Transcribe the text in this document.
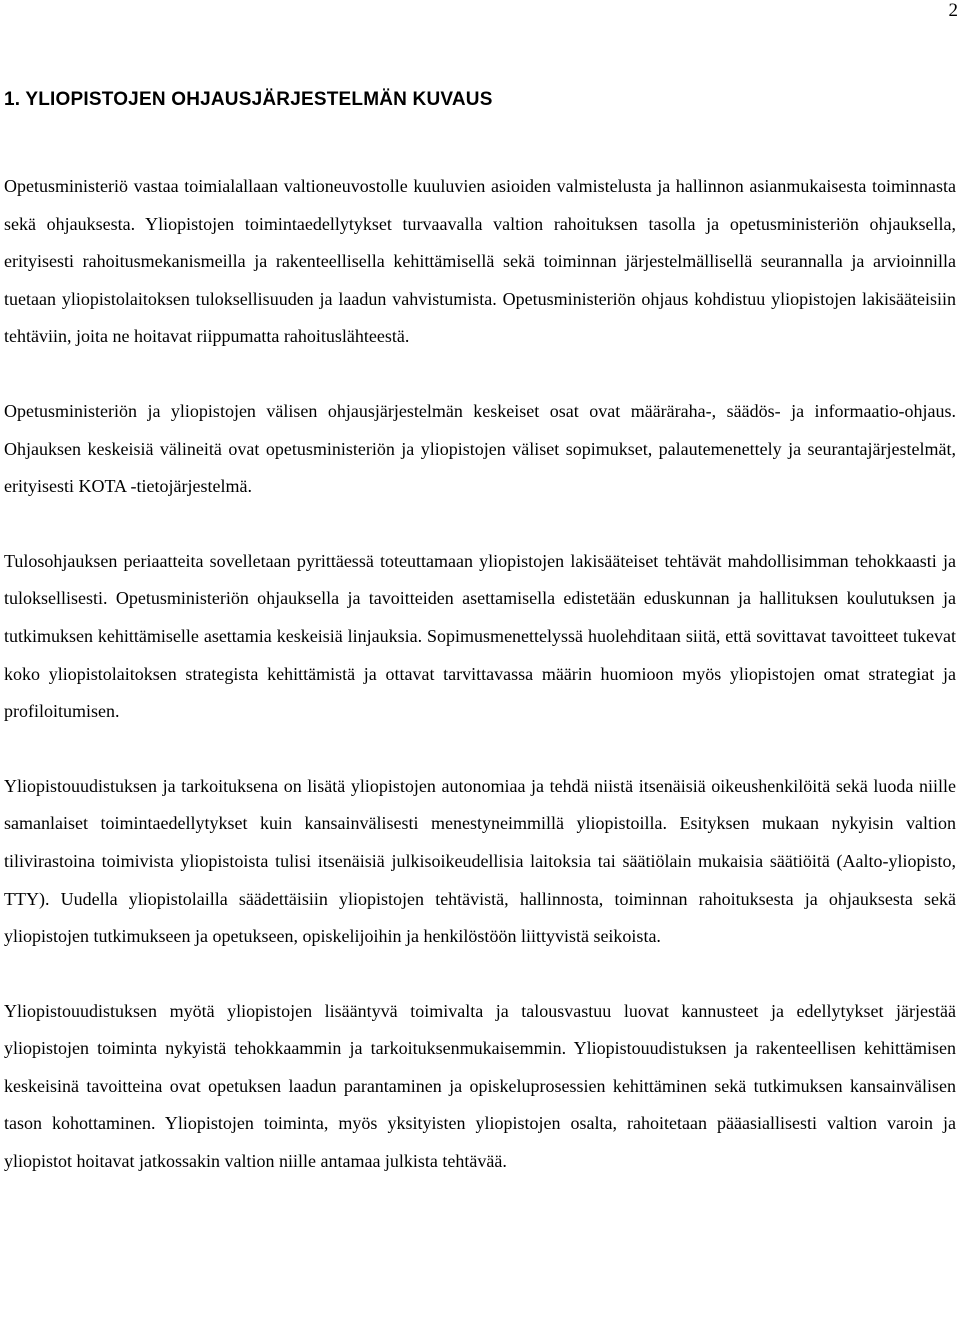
2
1. YLIOPISTOJEN OHJAUSJÄRJESTELMÄN KUVAUS

Opetusministeriö vastaa toimialallaan valtioneuvostolle kuuluvien asioiden valmistelusta ja hallinnon asianmukaisesta toiminnasta sekä ohjauksesta. Yliopistojen toimintaedellytykset turvaavalla valtion rahoituksen tasolla ja opetusministeriön ohjauksella, erityisesti rahoitusmekanismeilla ja rakenteellisella kehittämisellä sekä toiminnan järjestelmällisellä seurannalla ja arvioinnilla tuetaan yliopistolaitoksen tuloksellisuuden ja laadun vahvistumista. Opetusministeriön ohjaus kohdistuu yliopistojen lakisääteisiin tehtäviin, joita ne hoitavat riippumatta rahoituslähteestä.

Opetusministeriön ja yliopistojen välisen ohjausjärjestelmän keskeiset osat ovat määräraha-, säädös- ja informaatio-ohjaus. Ohjauksen keskeisiä välineitä ovat opetusministeriön ja yliopistojen väliset sopimukset, palautemenettely ja seurantajärjestelmät, erityisesti KOTA -tietojärjestelmä.

Tulosohjauksen periaatteita sovelletaan pyrittäessä toteuttamaan yliopistojen lakisääteiset tehtävät mahdollisimman tehokkaasti ja tuloksellisesti. Opetusministeriön ohjauksella ja tavoitteiden asettamisella edistetään eduskunnan ja hallituksen koulutuksen ja tutkimuksen kehittämiselle asettamia keskeisiä linjauksia. Sopimusmenettelyssä huolehditaan siitä, että sovittavat tavoitteet tukevat koko yliopistolaitoksen strategista kehittämistä ja ottavat tarvittavassa määrin huomioon myös yliopistojen omat strategiat ja profiloitumisen.

Yliopistouudistuksen ja tarkoituksena on lisätä yliopistojen autonomiaa ja tehdä niistä itsenäisiä oikeushenkilöitä sekä luoda niille samanlaiset toimintaedellytykset kuin kansainvälisesti menestyneimmillä yliopistoilla. Esityksen mukaan nykyisin valtion tilivirastoina toimivista yliopistoista tulisi itsenäisiä julkisoikeudellisia laitoksia tai säätiölain mukaisia säätiöitä (Aalto-yliopisto, TTY). Uudella yliopistolailla säädettäisiin yliopistojen tehtävistä, hallinnosta, toiminnan rahoituksesta ja ohjauksesta sekä yliopistojen tutkimukseen ja opetukseen, opiskelijoihin ja henkilöstöön liittyvistä seikoista.

Yliopistouudistuksen myötä yliopistojen lisääntyvä toimivalta ja talousvastuu luovat kannusteet ja edellytykset järjestää yliopistojen toiminta nykyistä tehokkaammin ja tarkoituksenmukaisemmin. Yliopistouudistuksen ja rakenteellisen kehittämisen keskeisinä tavoitteina ovat opetuksen laadun parantaminen ja opiskeluprosessien kehittäminen sekä tutkimuksen kansainvälisen tason kohottaminen. Yliopistojen toiminta, myös yksityisten yliopistojen osalta, rahoitetaan pääasiallisesti valtion varoin ja yliopistot hoitavat jatkossakin valtion niille antamaa julkista tehtävää.
